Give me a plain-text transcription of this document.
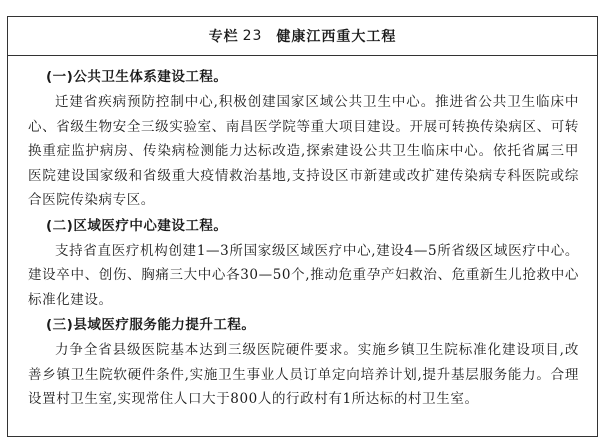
专栏 23 健康江西重大工程

(一)公共卫生体系建设工程。

迁建省疾病预防控制中心,积极创建国家区域公共卫生中心。推进省公共卫生临床中心、省级生物安全三级实验室、南昌医学院等重大项目建设。开展可转换传染病区、可转换重症监护病房、传染病检测能力达标改造,探索建设公共卫生临床中心。依托省属三甲医院建设国家级和省级重大疫情救治基地,支持设区市新建或改扩建传染病专科医院或综合医院传染病专区。

(二)区域医疗中心建设工程。

支持省直医疗机构创建1—3所国家级区域医疗中心,建设4—5所省级区域医疗中心。建设卒中、创伤、胸痛三大中心各30—50个,推动危重孕产妇救治、危重新生儿抢救中心标准化建设。

(三)县域医疗服务能力提升工程。

力争全省县级医院基本达到三级医院硬件要求。实施乡镇卫生院标准化建设项目,改善乡镇卫生院软硬件条件,实施卫生事业人员订单定向培养计划,提升基层服务能力。合理设置村卫生室,实现常住人口大于800人的行政村有1所达标的村卫生室。
